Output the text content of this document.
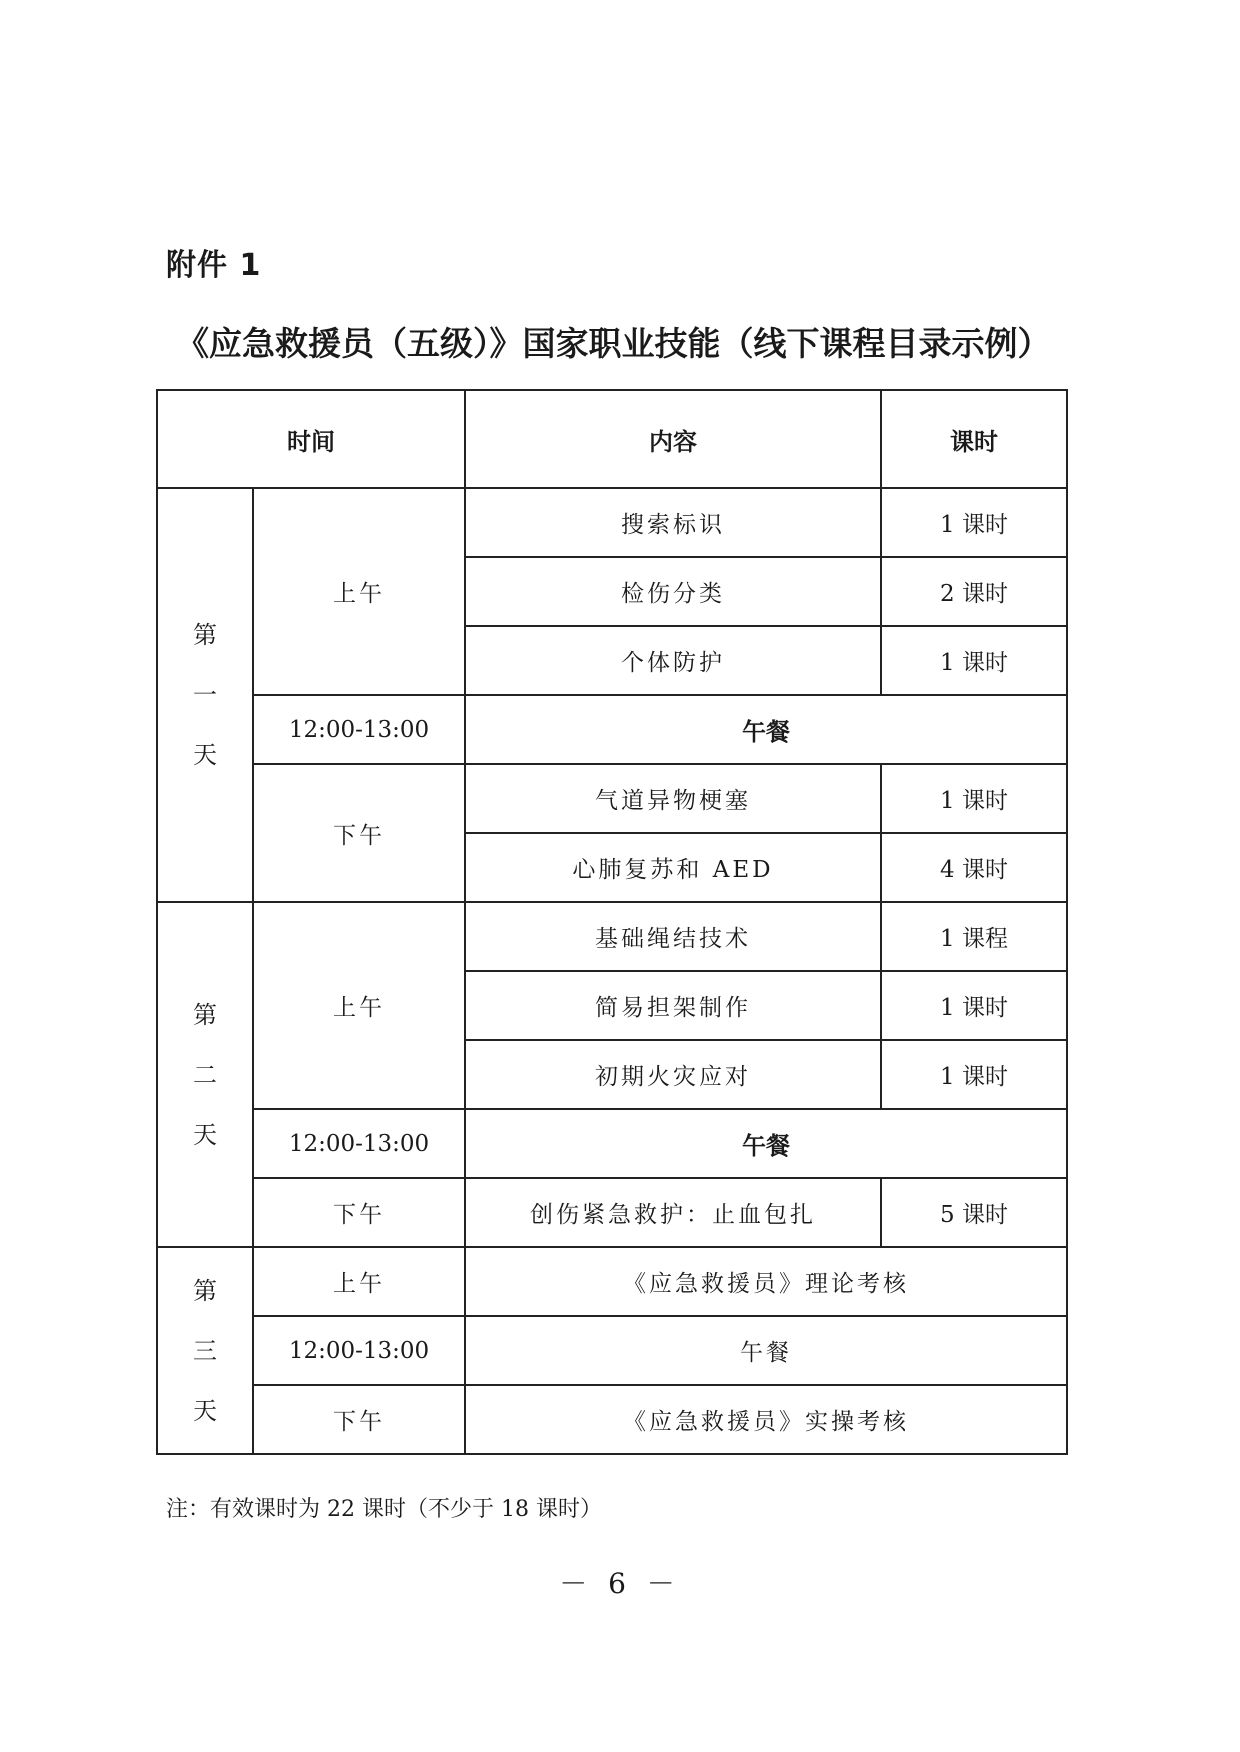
附件 1
《应急救援员（五级）》国家职业技能（线下课程目录示例）
时间		内容	课时
第一天	上午	搜索标识	1 课时
		检伤分类	2 课时
		个体防护	1 课时
	12:00-13:00	午餐	
	下午	气道异物梗塞	1 课时
		心肺复苏和 AED	4 课时
第二天	上午	基础绳结技术	1 课程
		简易担架制作	1 课时
		初期火灾应对	1 课时
	12:00-13:00	午餐	
	下午	创伤紧急救护：止血包扎	5 课时
第三天	上午	《应急救援员》理论考核	
	12:00-13:00	午餐	
	下午	《应急救援员》实操考核	
注：有效课时为 22 课时（不少于 18 课时）
－ 6 －
